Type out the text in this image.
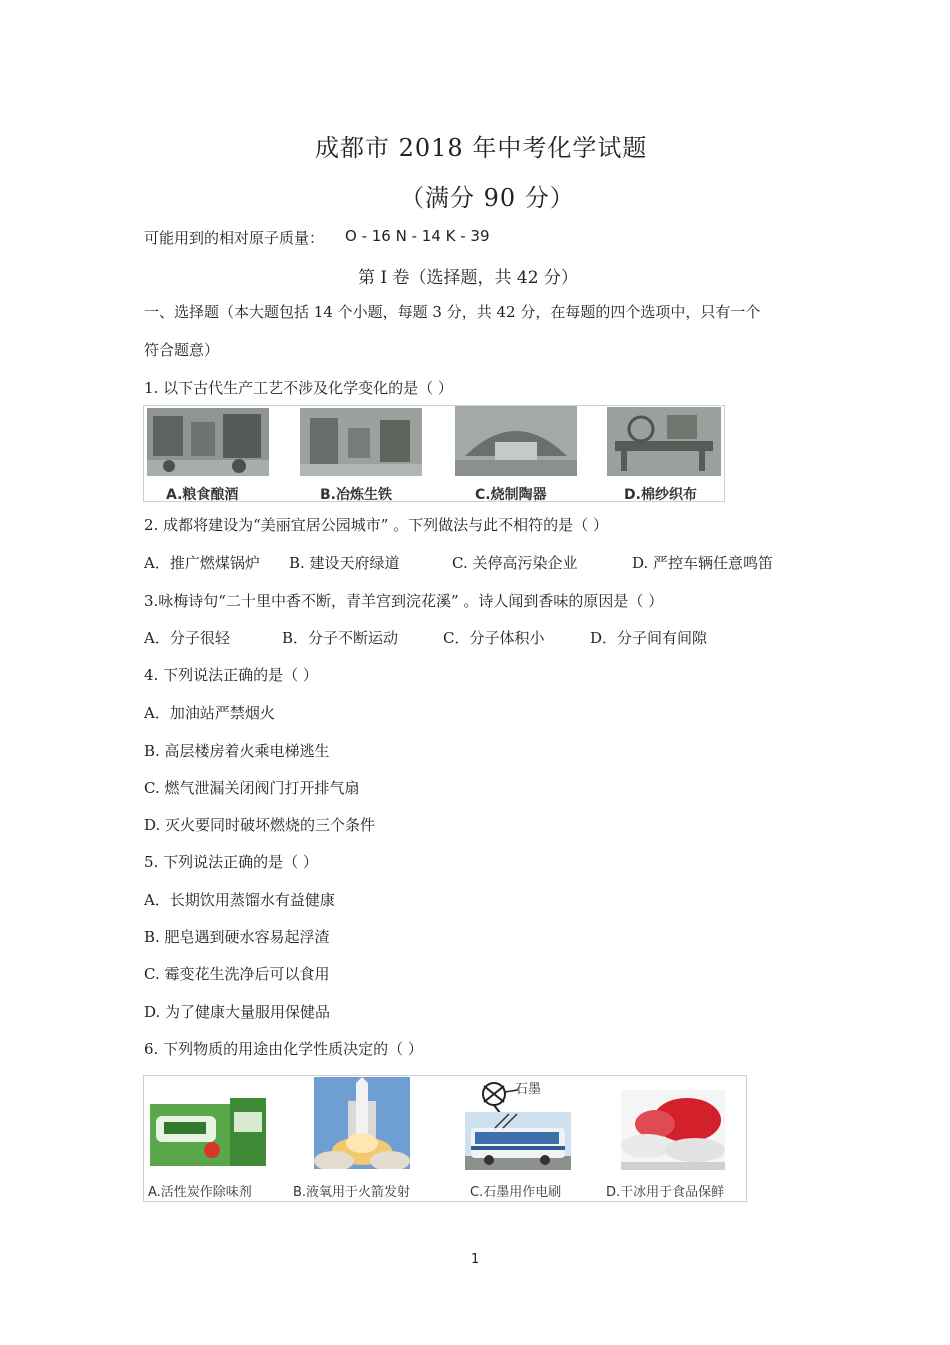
成都市 2018 年中考化学试题
（满分 90 分）
可能用到的相对原子质量： O - 16 N - 14 K - 39
第 I 卷（选择题，共 42 分）
一、选择题（本大题包括 14 个小题，每题 3 分，共 42 分，在每题的四个选项中，只有一个
符合题意）
1. 以下古代生产工艺不涉及化学变化的是（ ）
A.粮食酿酒	B.冶炼生铁	C.烧制陶器	D.棉纱织布
2. 成都将建设为“美丽宜居公园城市” 。下列做法与此不相符的是（ ）
A．推广燃煤锅炉 B. 建设天府绿道	C. 关停高污染企业	D. 严控车辆任意鸣笛
3.咏梅诗句“二十里中香不断，青羊宫到浣花溪” 。诗人闻到香味的原因是（ ）
A．分子很轻	B．分子不断运动	C．分子体积小	D．分子间有间隙
4. 下列说法正确的是（ ）
A．加油站严禁烟火
B. 高层楼房着火乘电梯逃生
C. 燃气泄漏关闭阀门打开排气扇
D. 灭火要同时破坏燃烧的三个条件
5. 下列说法正确的是（ ）
A．长期饮用蒸馏水有益健康
B. 肥皂遇到硬水容易起浮渣
C. 霉变花生洗净后可以食用
D. 为了健康大量服用保健品
6. 下列物质的用途由化学性质决定的（ ）
石墨
A.活性炭作除味剂	B.液氧用于火箭发射	C.石墨用作电刷	D.干冰用于食品保鲜
1
